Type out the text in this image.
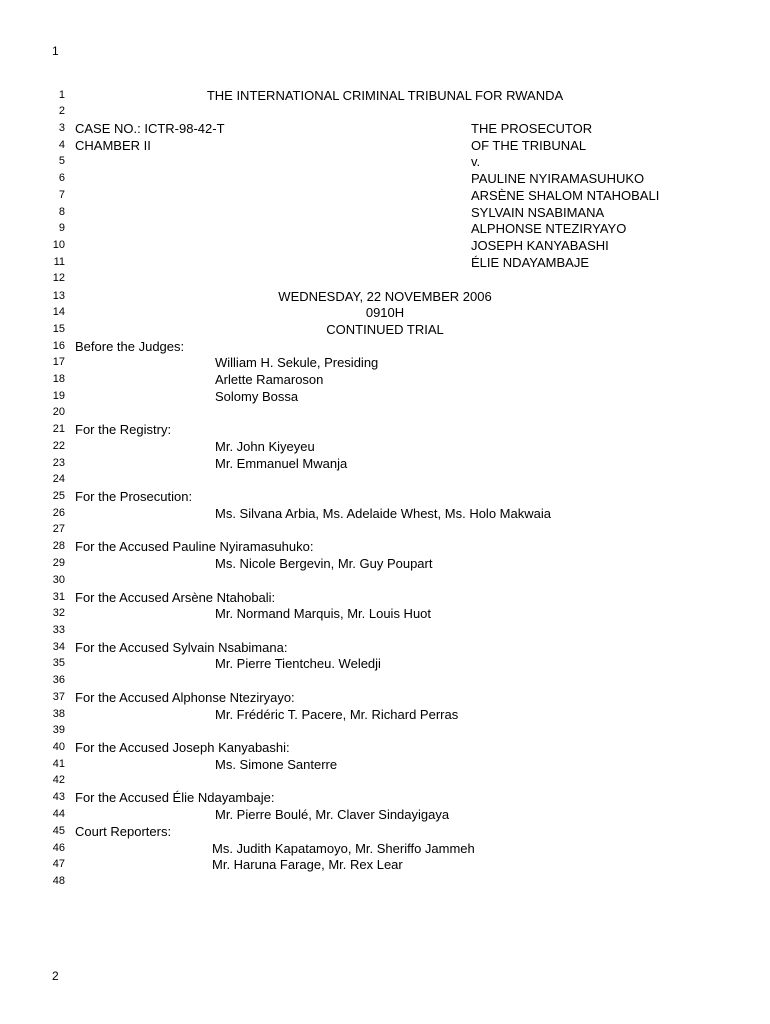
1
1	THE INTERNATIONAL CRIMINAL TRIBUNAL FOR RWANDA
2
3 CASE NO.: ICTR-98-42-T	THE PROSECUTOR
4 CHAMBER II	OF THE TRIBUNAL
5	v.
6	PAULINE NYIRAMASUHUKO
7	ARSÈNE SHALOM NTAHOBALI
8	SYLVAIN NSABIMANA
9	ALPHONSE NTEZIRYAYO
10	JOSEPH KANYABASHI
11	ÉLIE NDAYAMBAJE
12
13	WEDNESDAY, 22 NOVEMBER 2006
14	0910H
15	CONTINUED TRIAL
16 Before the Judges:
17	William H. Sekule, Presiding
18	Arlette Ramaroson
19	Solomy Bossa
20
21 For the Registry:
22	Mr. John Kiyeyeu
23	Mr. Emmanuel Mwanja
24
25 For the Prosecution:
26	Ms. Silvana Arbia, Ms. Adelaide Whest, Ms. Holo Makwaia
27
28 For the Accused Pauline Nyiramasuhuko:
29	Ms. Nicole Bergevin, Mr. Guy Poupart
30
31 For the Accused Arsène Ntahobali:
32	Mr. Normand Marquis, Mr. Louis Huot
33
34 For the Accused Sylvain Nsabimana:
35	Mr. Pierre Tientcheu. Weledji
36
37 For the Accused Alphonse Nteziryayo:
38	Mr. Frédéric T. Pacere, Mr. Richard Perras
39
40 For the Accused Joseph Kanyabashi:
41	Ms. Simone Santerre
42
43 For the Accused Élie Ndayambaje:
44	Mr. Pierre Boulé, Mr. Claver Sindayigaya
45 Court Reporters:
46	Ms. Judith Kapatamoyo, Mr. Sheriffo Jammeh
47	Mr. Haruna Farage, Mr. Rex Lear
48
2
